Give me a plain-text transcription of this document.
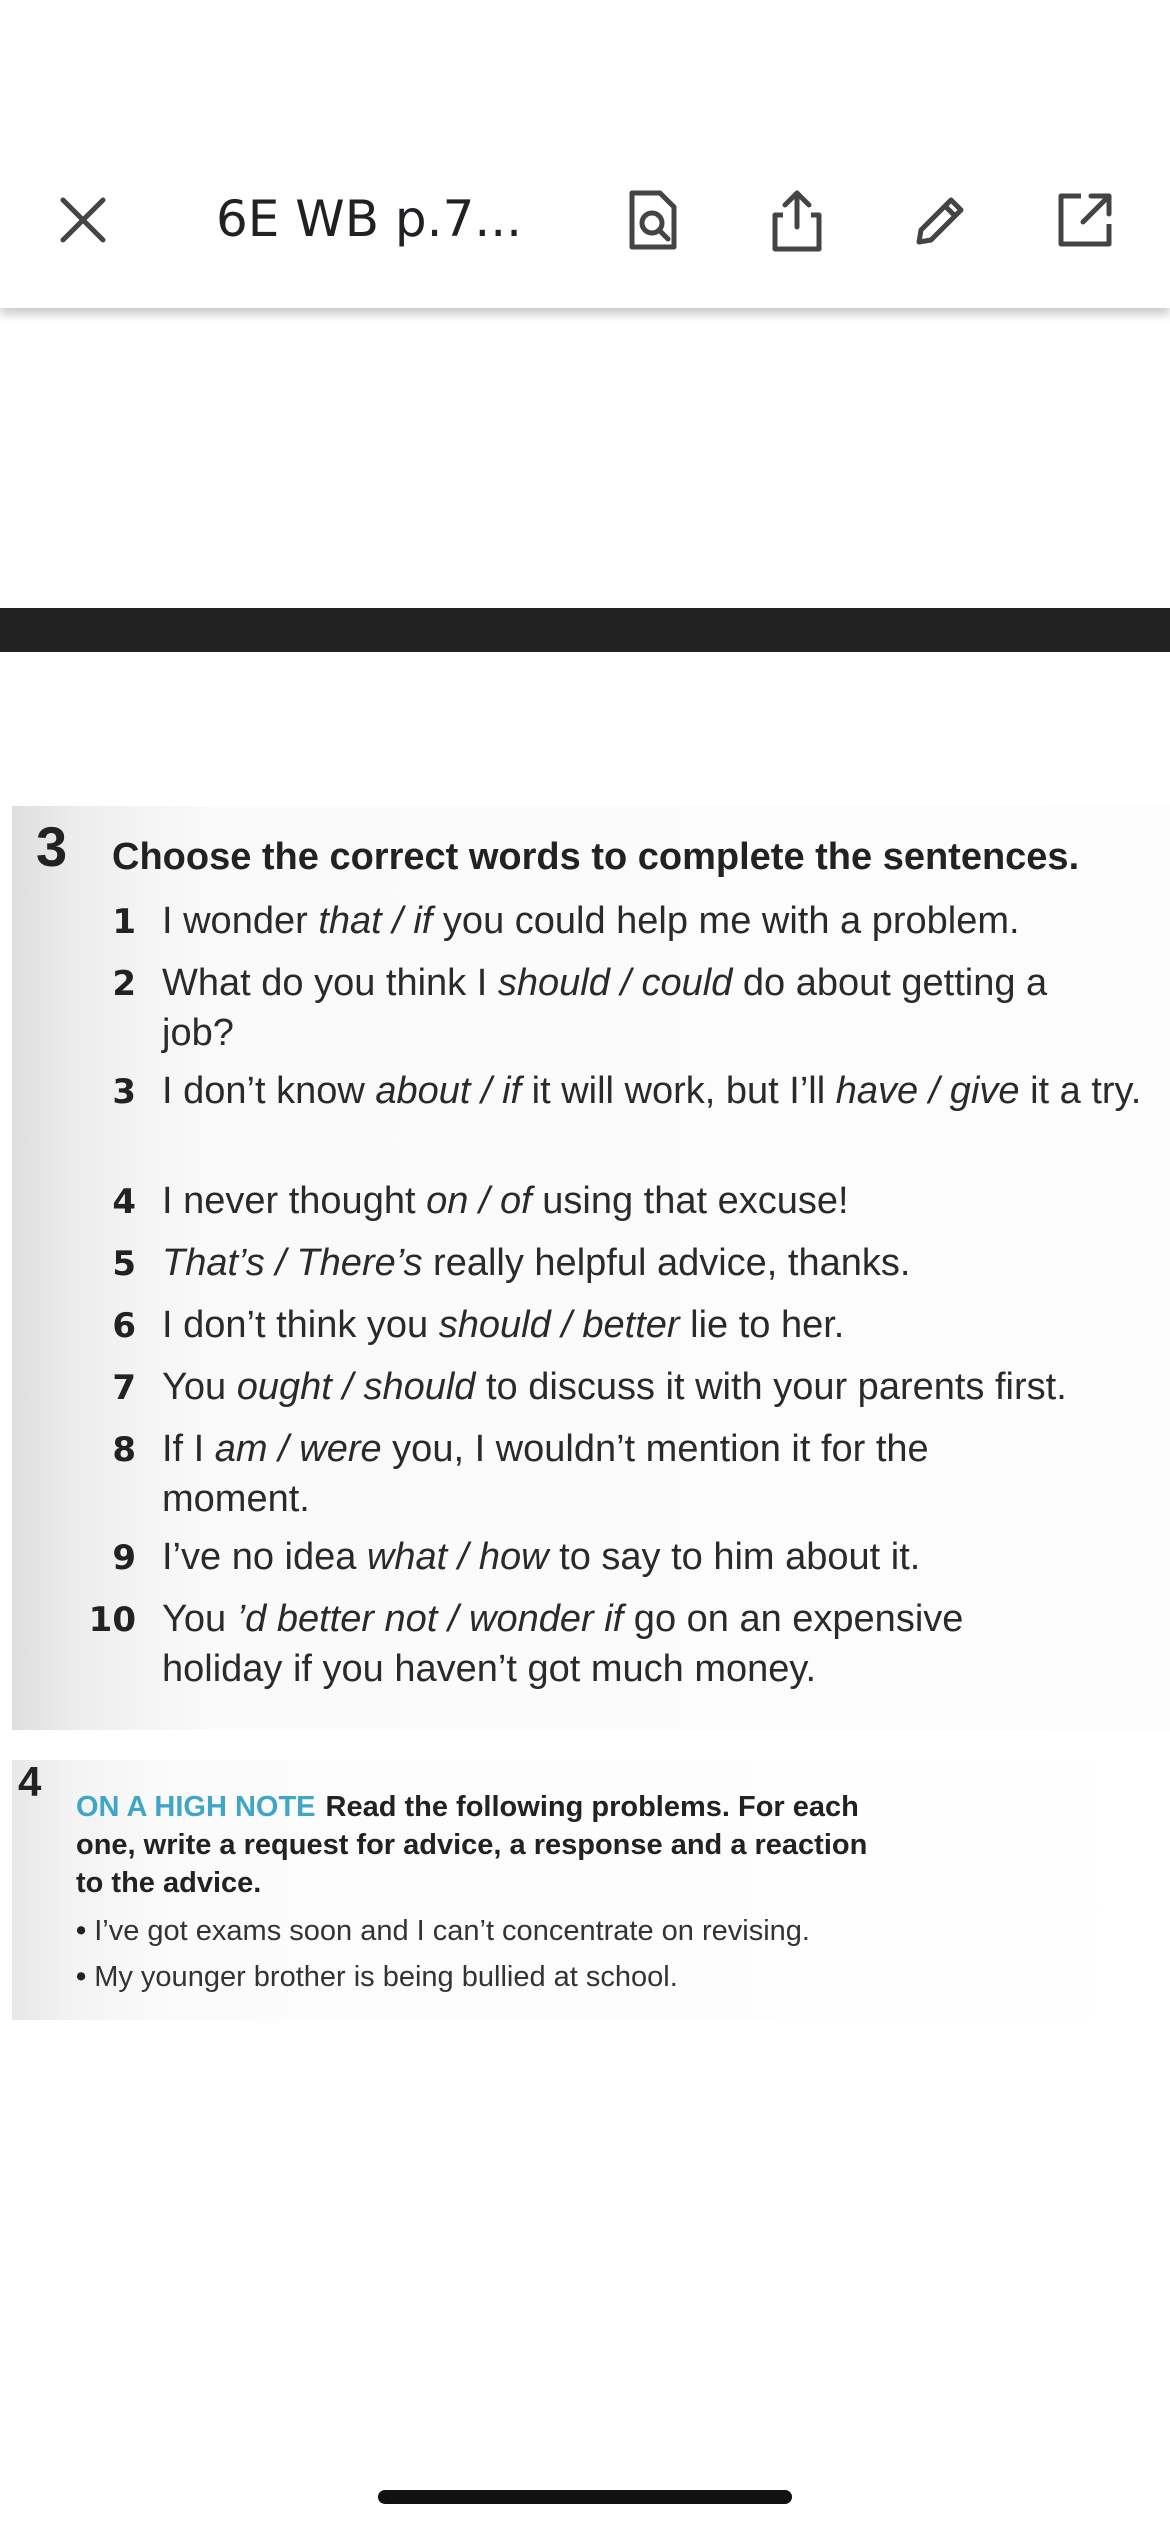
6E WB p.7...
3 Choose the correct words to complete the sentences.
1 I wonder that / if you could help me with a problem.
2 What do you think I should / could do about getting a job?
3 I don’t know about / if it will work, but I’ll have / give it a try.
4 I never thought on / of using that excuse!
5 That’s / There’s really helpful advice, thanks.
6 I don’t think you should / better lie to her.
7 You ought / should to discuss it with your parents first.
8 If I am / were you, I wouldn’t mention it for the moment.
9 I’ve no idea what / how to say to him about it.
10 You ’d better not / wonder if go on an expensive holiday if you haven’t got much money.
4
ON A HIGH NOTE Read the following problems. For each one, write a request for advice, a response and a reaction to the advice.
• I’ve got exams soon and I can’t concentrate on revising.
• My younger brother is being bullied at school.
